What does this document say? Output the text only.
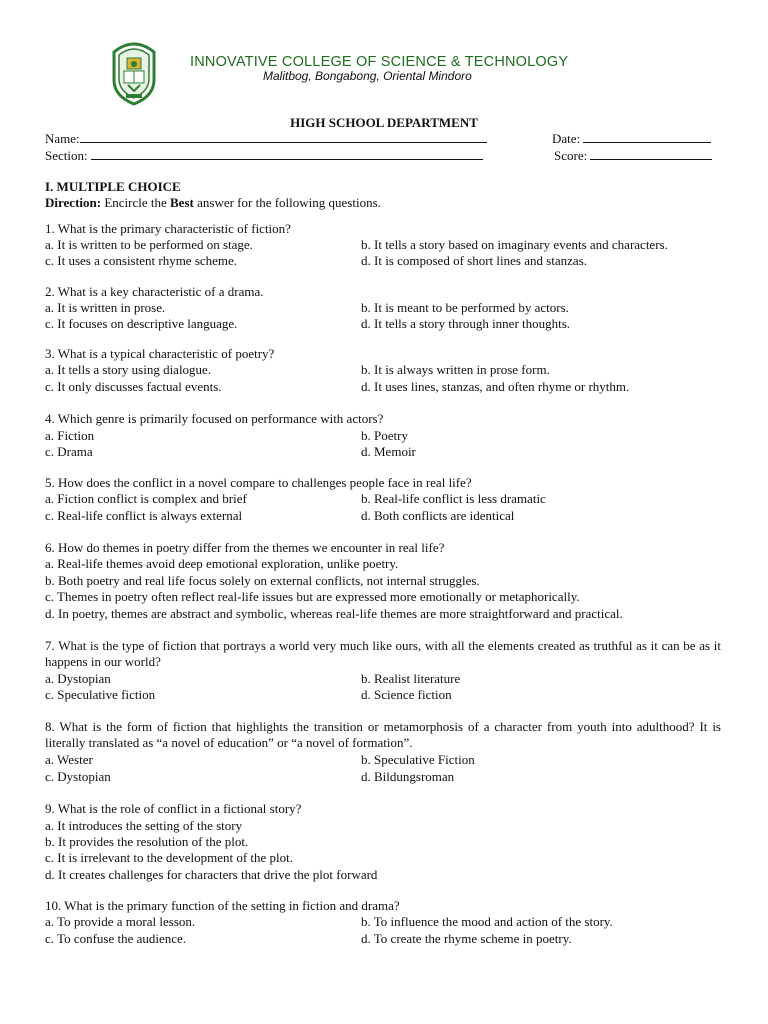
INNOVATIVE COLLEGE OF SCIENCE & TECHNOLOGY
Malitbog, Bongabong, Oriental Mindoro
HIGH SCHOOL DEPARTMENT
Name:	Date:
Section:	Score:
I. MULTIPLE CHOICE
Direction: Encircle the Best answer for the following questions.
1. What is the primary characteristic of fiction?
a. It is written to be performed on stage.	b. It tells a story based on imaginary events and characters.
c. It uses a consistent rhyme scheme.	d. It is composed of short lines and stanzas.
2. What is a key characteristic of a drama.
a. It is written in prose.	b. It is meant to be performed by actors.
c. It focuses on descriptive language.	d. It tells a story through inner thoughts.
3. What is a typical characteristic of poetry?
a. It tells a story using dialogue.	b. It is always written in prose form.
c. It only discusses factual events.	d. It uses lines, stanzas, and often rhyme or rhythm.
4. Which genre is primarily focused on performance with actors?
a. Fiction	b. Poetry
c. Drama	d. Memoir
5. How does the conflict in a novel compare to challenges people face in real life?
a. Fiction conflict is complex and brief	b. Real-life conflict is less dramatic
c. Real-life conflict is always external	d. Both conflicts are identical
6. How do themes in poetry differ from the themes we encounter in real life?
a. Real-life themes avoid deep emotional exploration, unlike poetry.
b. Both poetry and real life focus solely on external conflicts, not internal struggles.
c. Themes in poetry often reflect real-life issues but are expressed more emotionally or metaphorically.
d. In poetry, themes are abstract and symbolic, whereas real-life themes are more straightforward and practical.
7. What is the type of fiction that portrays a world very much like ours, with all the elements created as truthful as it can be as it happens in our world?
a. Dystopian	b. Realist literature
c. Speculative fiction	d. Science fiction
8. What is the form of fiction that highlights the transition or metamorphosis of a character from youth into adulthood? It is literally translated as “a novel of education” or “a novel of formation”.
a. Wester	b. Speculative Fiction
c. Dystopian	d. Bildungsroman
9. What is the role of conflict in a fictional story?
a. It introduces the setting of the story
b. It provides the resolution of the plot.
c. It is irrelevant to the development of the plot.
d. It creates challenges for characters that drive the plot forward
10. What is the primary function of the setting in fiction and drama?
a. To provide a moral lesson.	b. To influence the mood and action of the story.
c. To confuse the audience.	d. To create the rhyme scheme in poetry.
